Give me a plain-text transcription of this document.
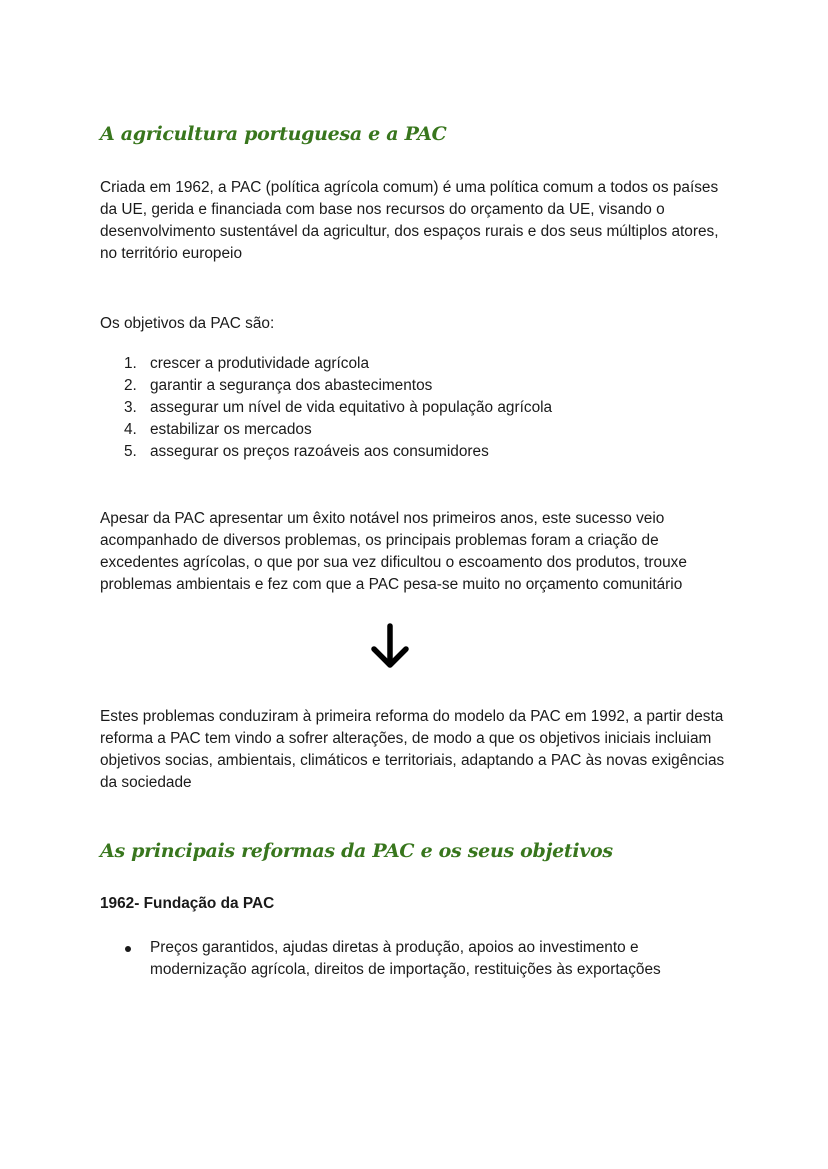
A agricultura portuguesa e a PAC

Criada em 1962, a PAC (política agrícola comum) é uma política comum a todos os países da UE, gerida e financiada com base nos recursos do orçamento da UE, visando o desenvolvimento sustentável da agricultur, dos espaços rurais e dos seus múltiplos atores, no território europeio

Os objetivos da PAC são:

1. crescer a produtividade agrícola
2. garantir a segurança dos abastecimentos
3. assegurar um nível de vida equitativo à população agrícola
4. estabilizar os mercados
5. assegurar os preços razoáveis aos consumidores

Apesar da PAC apresentar um êxito notável nos primeiros anos, este sucesso veio acompanhado de diversos problemas, os principais problemas foram a criação de excedentes agrícolas, o que por sua vez dificultou o escoamento dos produtos, trouxe problemas ambientais e fez com que a PAC pesa-se muito no orçamento comunitário

Estes problemas conduziram à primeira reforma do modelo da PAC em 1992, a partir desta reforma a PAC tem vindo a sofrer alterações, de modo a que os objetivos iniciais incluiam objetivos socias, ambientais, climáticos e territoriais, adaptando a PAC às novas exigências da sociedade

As principais reformas da PAC e os seus objetivos

1962- Fundação da PAC

Preços garantidos, ajudas diretas à produção, apoios ao investimento e modernização agrícola, direitos de importação, restituições às exportações
